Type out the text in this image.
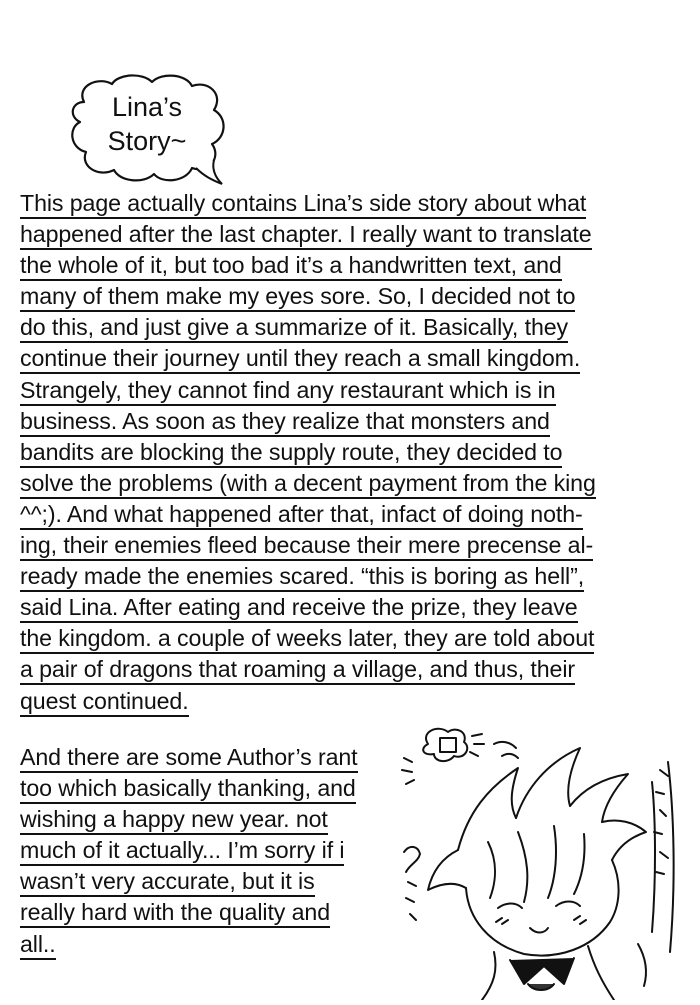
Lina’s
Story~
This page actually contains Lina’s side story about what
happened after the last chapter. I really want to translate
the whole of it, but too bad it’s a handwritten text, and
many of them make my eyes sore. So, I decided not to
do this, and just give a summarize of it. Basically, they
continue their journey until they reach a small kingdom.
Strangely, they cannot find any restaurant which is in
business. As soon as they realize that monsters and
bandits are blocking the supply route, they decided to
solve the problems (with a decent payment from the king
^^;). And what happened after that, infact of doing noth-
ing, their enemies fleed because their mere precense al-
ready made the enemies scared. “this is boring as hell”,
said Lina. After eating and receive the prize, they leave
the kingdom. a couple of weeks later, they are told about
a pair of dragons that roaming a village, and thus, their
quest continued.
And there are some Author’s rant
too which basically thanking, and
wishing a happy new year. not
much of it actually... I’m sorry if i
wasn’t very accurate, but it is
really hard with the quality and
all..
